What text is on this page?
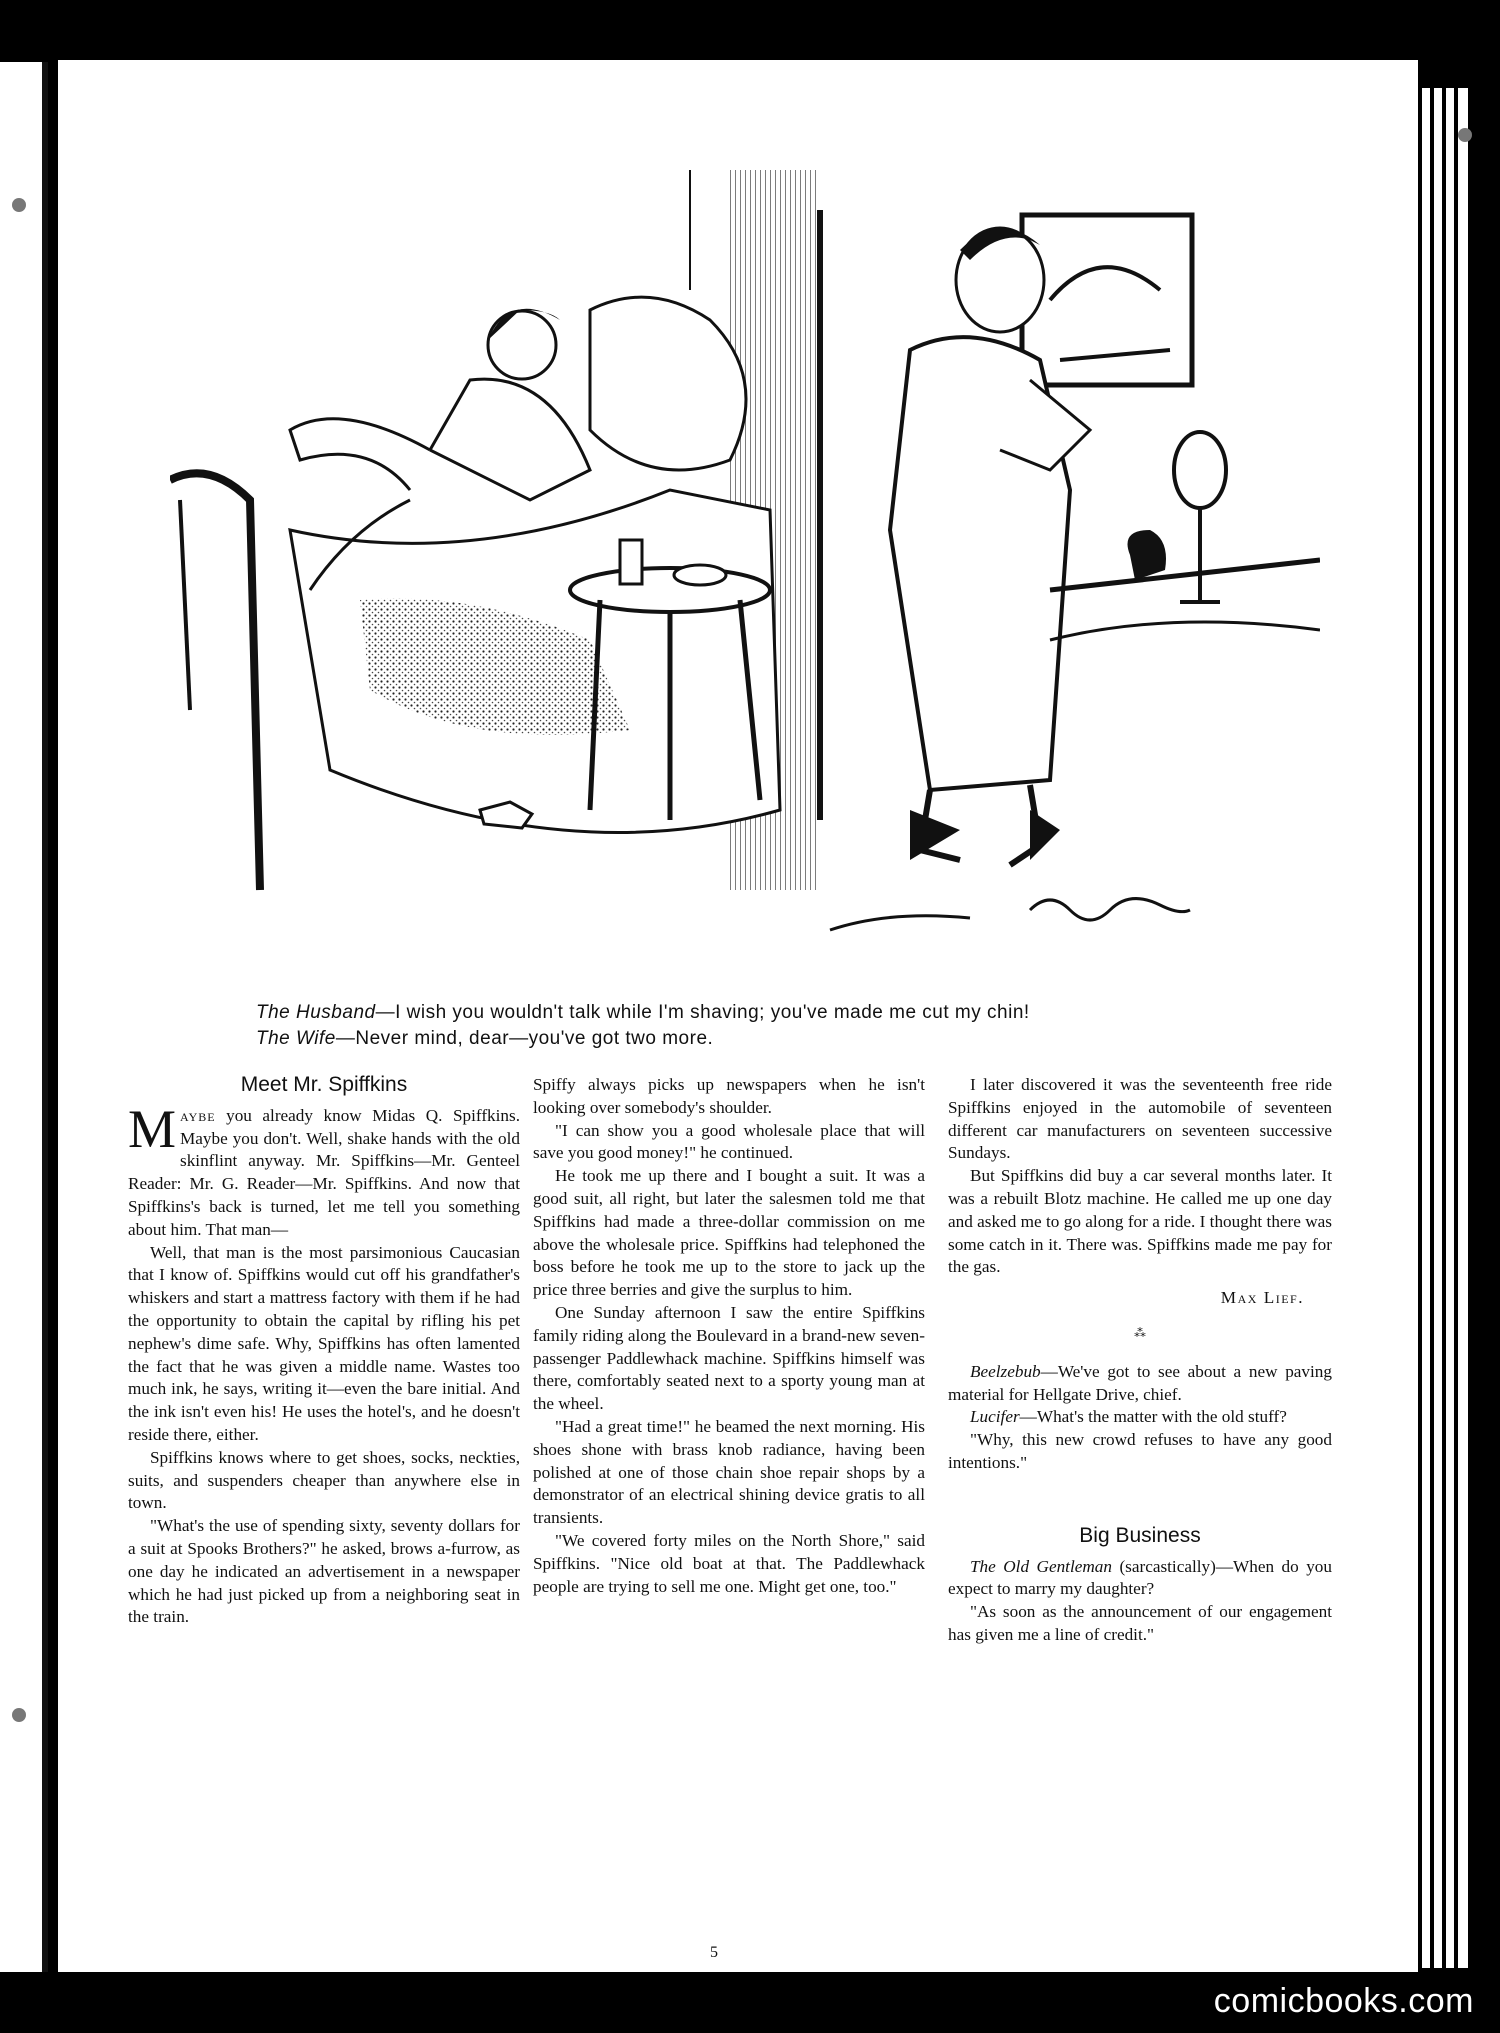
The Husband—I wish you wouldn't talk while I'm shaving; you've made me cut my chin!

The Wife—Never mind, dear—you've got two more.

Meet Mr. Spiffkins

Maybe you already know Midas Q. Spiffkins. Maybe you don't. Well, shake hands with the old skinflint anyway. Mr. Spiffkins—Mr. Genteel Reader: Mr. G. Reader—Mr. Spiffkins. And now that Spiffkins's back is turned, let me tell you something about him. That man—

Well, that man is the most parsimonious Caucasian that I know of. Spiffkins would cut off his grandfather's whiskers and start a mattress factory with them if he had the opportunity to obtain the capital by rifling his pet nephew's dime safe. Why, Spiffkins has often lamented the fact that he was given a middle name. Wastes too much ink, he says, writing it—even the bare initial. And the ink isn't even his! He uses the hotel's, and he doesn't reside there, either.

Spiffkins knows where to get shoes, socks, neckties, suits, and suspenders cheaper than anywhere else in town.

"What's the use of spending sixty, seventy dollars for a suit at Spooks Brothers?" he asked, brows a-furrow, as one day he indicated an advertisement in a newspaper which he had just picked up from a neighboring seat in the train.

Spiffy always picks up newspapers when he isn't looking over somebody's shoulder.

"I can show you a good wholesale place that will save you good money!" he continued.

He took me up there and I bought a suit. It was a good suit, all right, but later the salesmen told me that Spiffkins had made a three-dollar commission on me above the wholesale price. Spiffkins had telephoned the boss before he took me up to the store to jack up the price three berries and give the surplus to him.

One Sunday afternoon I saw the entire Spiffkins family riding along the Boulevard in a brand-new seven-passenger Paddlewhack machine. Spiffkins himself was there, comfortably seated next to a sporty young man at the wheel.

"Had a great time!" he beamed the next morning. His shoes shone with brass knob radiance, having been polished at one of those chain shoe repair shops by a demonstrator of an electrical shining device gratis to all transients.

"We covered forty miles on the North Shore," said Spiffkins. "Nice old boat at that. The Paddlewhack people are trying to sell me one. Might get one, too."

I later discovered it was the seventeenth free ride Spiffkins enjoyed in the automobile of seventeen different car manufacturers on seventeen successive Sundays.

But Spiffkins did buy a car several months later. It was a rebuilt Blotz machine. He called me up one day and asked me to go along for a ride. I thought there was some catch in it. There was. Spiffkins made me pay for the gas.

Max Lief.

⁂

Beelzebub—We've got to see about a new paving material for Hellgate Drive, chief.

Lucifer—What's the matter with the old stuff?

"Why, this new crowd refuses to have any good intentions."

Big Business

The Old Gentleman (sarcastically)—When do you expect to marry my daughter?

"As soon as the announcement of our engagement has given me a line of credit."

5
comicbooks.com
